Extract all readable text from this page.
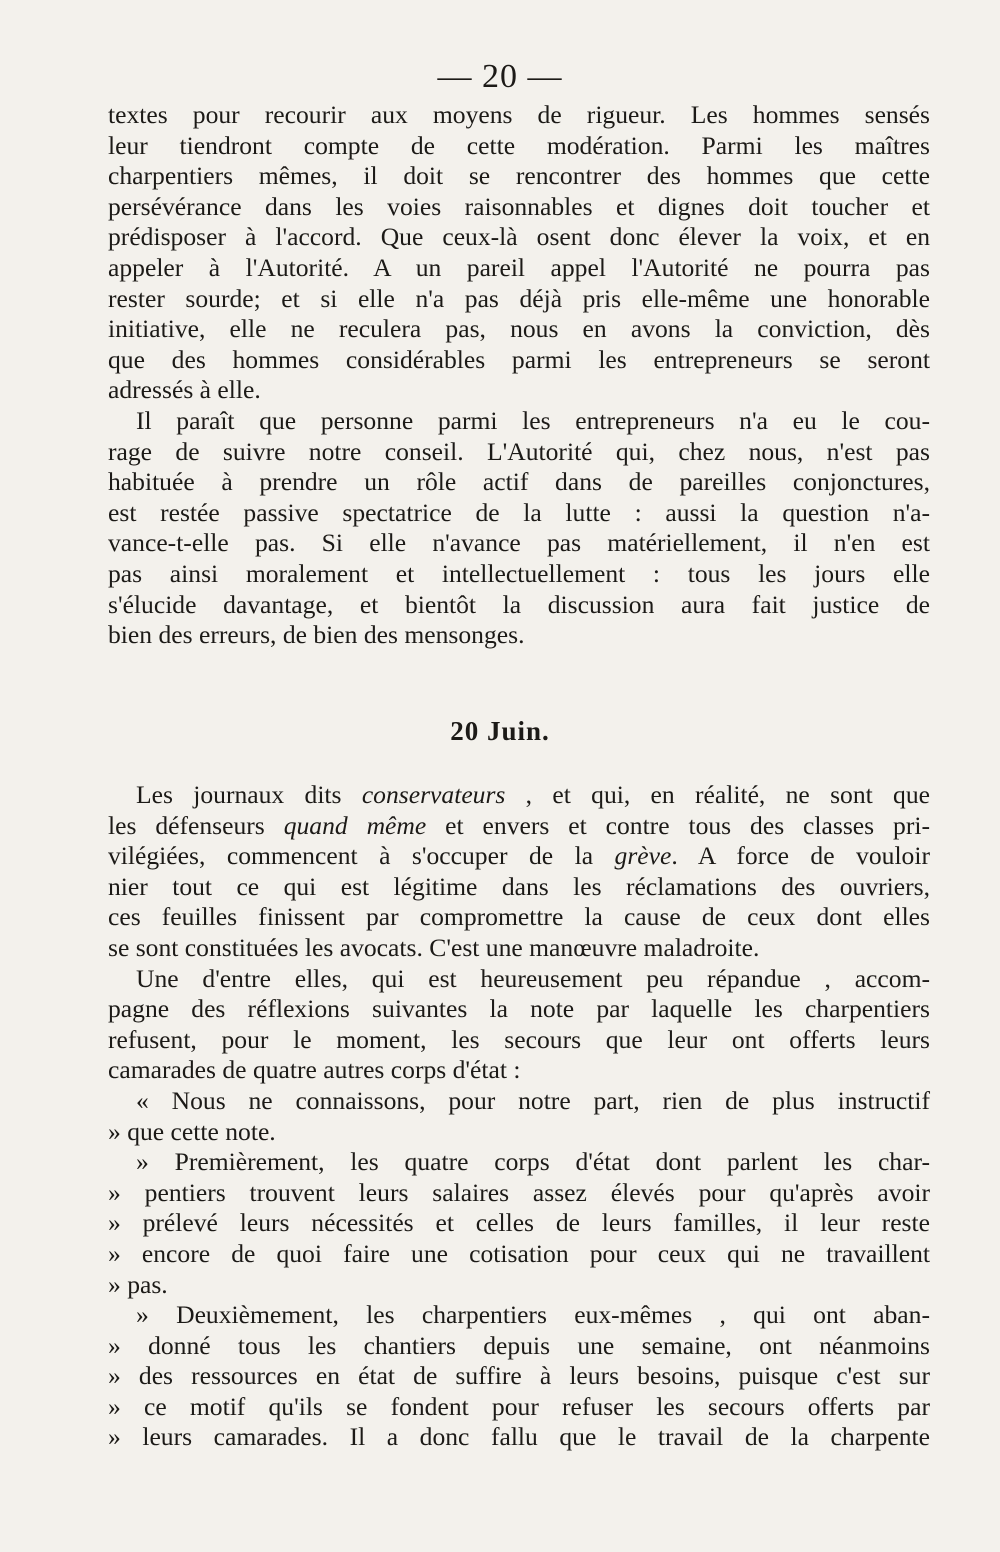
— 20 —
textes pour recourir aux moyens de rigueur. Les hommes sensés
leur tiendront compte de cette modération. Parmi les maîtres
charpentiers mêmes, il doit se rencontrer des hommes que cette
persévérance dans les voies raisonnables et dignes doit toucher et
prédisposer à l'accord. Que ceux-là osent donc élever la voix, et en
appeler à l'Autorité. A un pareil appel l'Autorité ne pourra pas
rester sourde; et si elle n'a pas déjà pris elle-même une honorable
initiative, elle ne reculera pas, nous en avons la conviction, dès
que des hommes considérables parmi les entrepreneurs se seront
adressés à elle.
Il paraît que personne parmi les entrepreneurs n'a eu le cou-
rage de suivre notre conseil. L'Autorité qui, chez nous, n'est pas
habituée à prendre un rôle actif dans de pareilles conjonctures,
est restée passive spectatrice de la lutte : aussi la question n'a-
vance-t-elle pas. Si elle n'avance pas matériellement, il n'en est
pas ainsi moralement et intellectuellement : tous les jours elle
s'élucide davantage, et bientôt la discussion aura fait justice de
bien des erreurs, de bien des mensonges.
20 Juin.
Les journaux dits conservateurs , et qui, en réalité, ne sont que
les défenseurs quand même et envers et contre tous des classes pri-
vilégiées, commencent à s'occuper de la grève. A force de vouloir
nier tout ce qui est légitime dans les réclamations des ouvriers,
ces feuilles finissent par compromettre la cause de ceux dont elles
se sont constituées les avocats. C'est une manœuvre maladroite.
Une d'entre elles, qui est heureusement peu répandue , accom-
pagne des réflexions suivantes la note par laquelle les charpentiers
refusent, pour le moment, les secours que leur ont offerts leurs
camarades de quatre autres corps d'état :
« Nous ne connaissons, pour notre part, rien de plus instructif
» que cette note.
» Premièrement, les quatre corps d'état dont parlent les char-
» pentiers trouvent leurs salaires assez élevés pour qu'après avoir
» prélevé leurs nécessités et celles de leurs familles, il leur reste
» encore de quoi faire une cotisation pour ceux qui ne travaillent
» pas.
» Deuxièmement, les charpentiers eux-mêmes , qui ont aban-
» donné tous les chantiers depuis une semaine, ont néanmoins
» des ressources en état de suffire à leurs besoins, puisque c'est sur
» ce motif qu'ils se fondent pour refuser les secours offerts par
» leurs camarades. Il a donc fallu que le travail de la charpente
